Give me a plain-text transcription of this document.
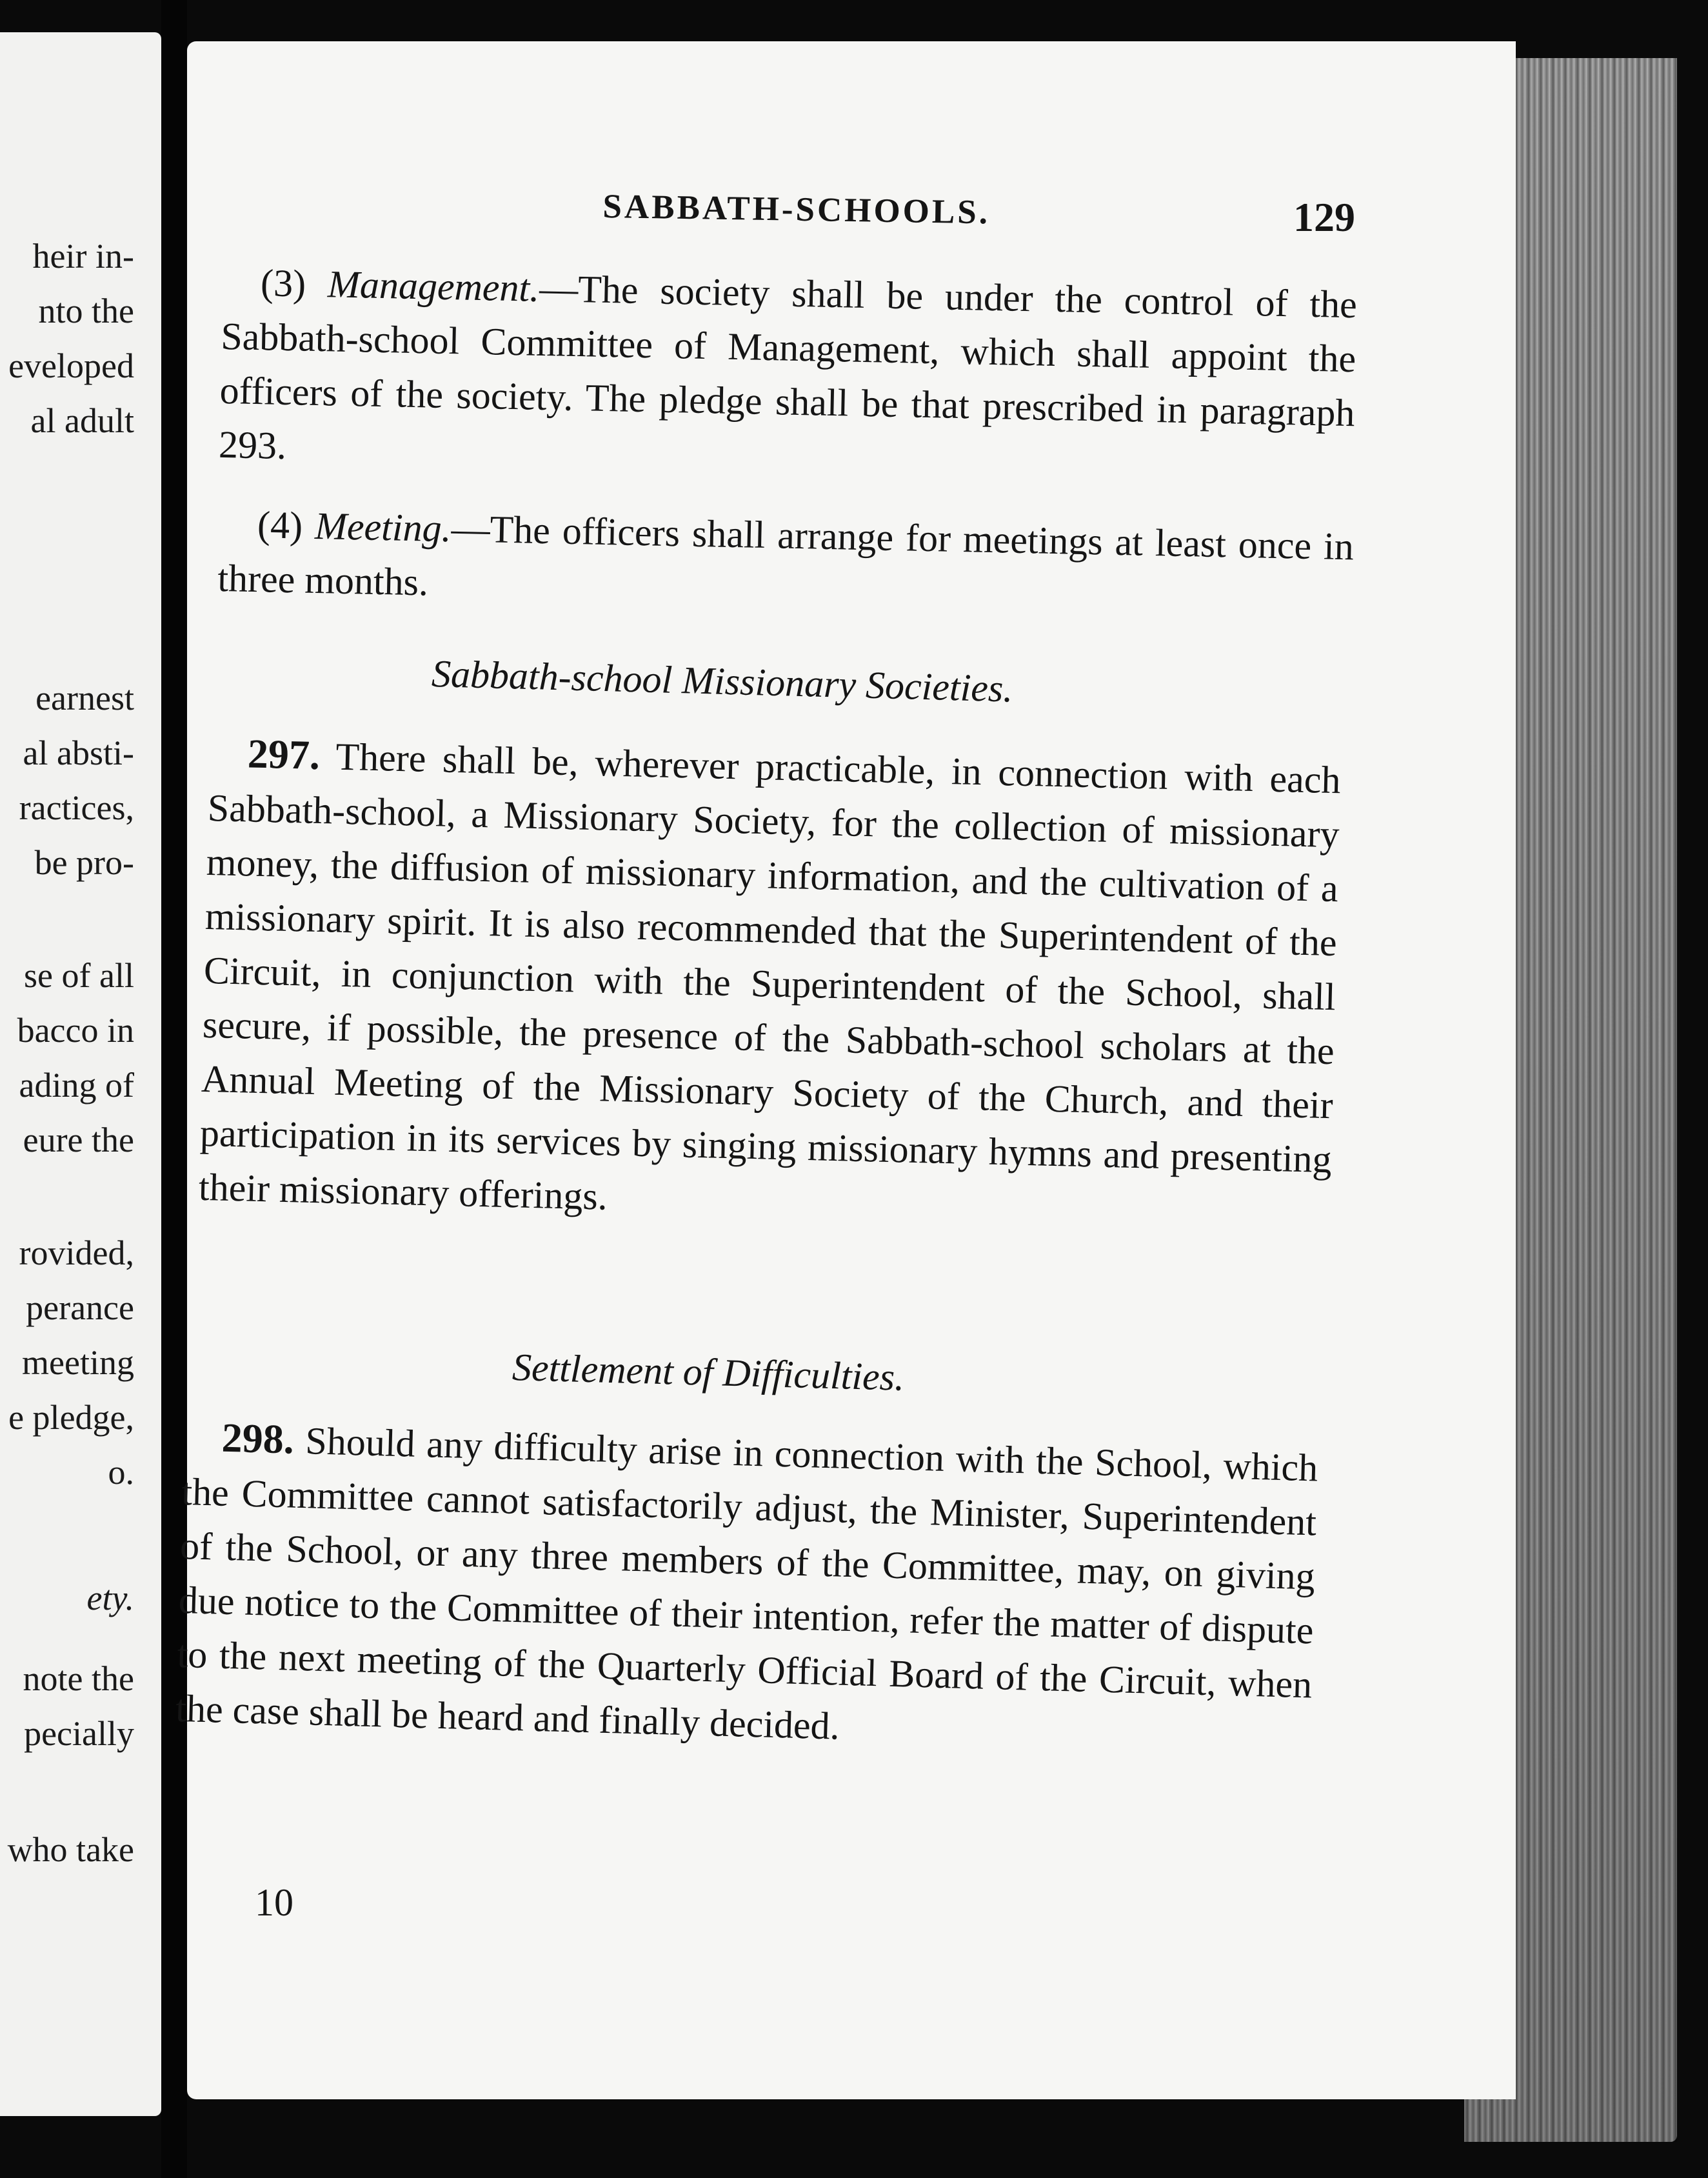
heir in-
nto the
eveloped
al adult
earnest
al absti-
ractices,
be pro-
se of all
bacco in
ading of
eure the
rovided,
perance
meeting
e pledge,
o.
ety.
note the
pecially
who take
SABBATH-SCHOOLS.	129

(3) Management.—The society shall be under the control of the Sabbath-school Committee of Management, which shall appoint the officers of the society. The pledge shall be that prescribed in paragraph 293.

(4) Meeting.—The officers shall arrange for meetings at least once in three months.

Sabbath-school Missionary Societies.

297. There shall be, wherever practicable, in connection with each Sabbath-school, a Missionary Society, for the collection of missionary money, the diffusion of missionary information, and the cultivation of a missionary spirit. It is also recommended that the Superintendent of the Circuit, in conjunction with the Superintendent of the School, shall secure, if possible, the presence of the Sabbath-school scholars at the Annual Meeting of the Missionary Society of the Church, and their participation in its services by singing missionary hymns and presenting their missionary offerings.

Settlement of Difficulties.

298. Should any difficulty arise in connection with the School, which the Committee cannot satisfactorily adjust, the Minister, Superintendent of the School, or any three members of the Committee, may, on giving due notice to the Committee of their intention, refer the matter of dispute to the next meeting of the Quarterly Official Board of the Circuit, when the case shall be heard and finally decided.

10
